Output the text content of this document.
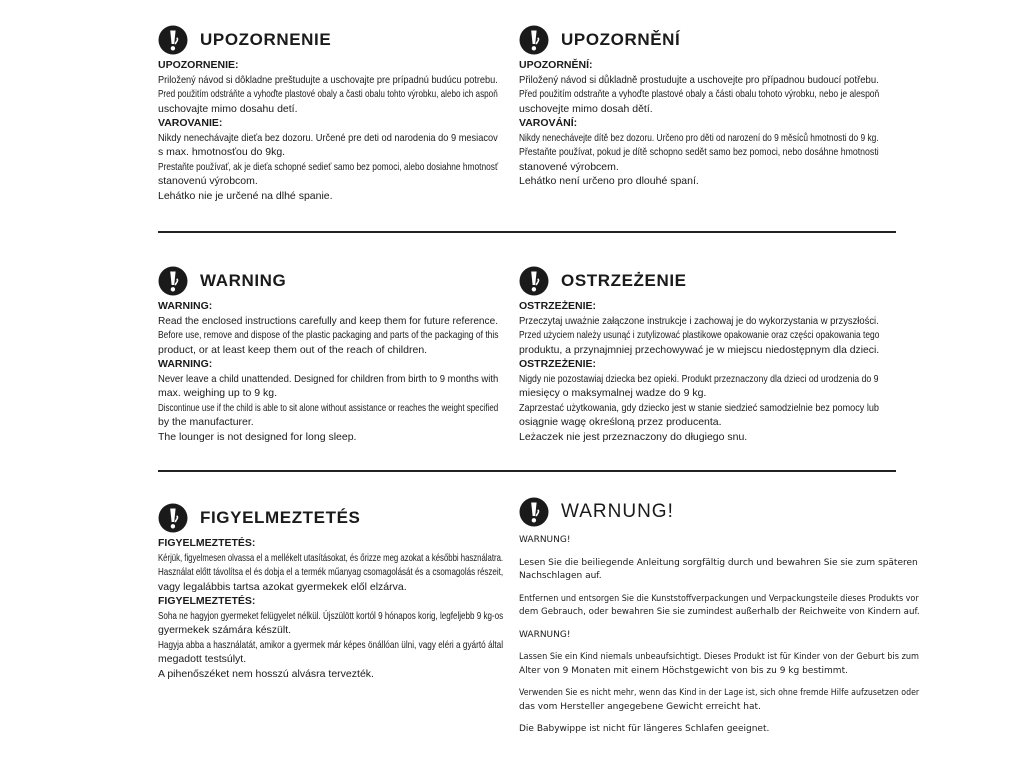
UPOZORNENIE
UPOZORNENIE:
Priložený návod si dôkladne preštudujte a uschovajte pre prípadnú budúcu potrebu.
Pred použitím odstráňte a vyhoďte plastové obaly a časti obalu tohto výrobku, alebo ich aspoň
uschovajte mimo dosahu detí.
VAROVANIE:
Nikdy nenechávajte dieťa bez dozoru. Určené pre deti od narodenia do 9 mesiacov
s max. hmotnosťou do 9kg.
Prestaňte používať, ak je dieťa schopné sedieť samo bez pomoci, alebo dosiahne hmotnosť
stanovenú výrobcom.
Lehátko nie je určené na dlhé spanie.
UPOZORNĚNÍ
UPOZORNĚNÍ:
Přiložený návod si důkladně prostudujte a uschovejte pro případnou budoucí potřebu.
Před použitím odstraňte a vyhoďte plastové obaly a části obalu tohoto výrobku, nebo je alespoň
uschovejte mimo dosah dětí.
VAROVÁNÍ:
Nikdy nenechávejte dítě bez dozoru. Určeno pro děti od narození do 9 měsíců hmotnosti do 9 kg.
Přestaňte používat, pokud je dítě schopno sedět samo bez pomoci, nebo dosáhne hmotnosti
stanovené výrobcem.
Lehátko není určeno pro dlouhé spaní.
WARNING
WARNING:
Read the enclosed instructions carefully and keep them for future reference.
Before use, remove and dispose of the plastic packaging and parts of the packaging of this
product, or at least keep them out of the reach of children.
WARNING:
Never leave a child unattended. Designed for children from birth to 9 months with
max. weighing up to 9 kg.
Discontinue use if the child is able to sit alone without assistance or reaches the weight specified
by the manufacturer.
The lounger is not designed for long sleep.
OSTRZEŻENIE
OSTRZEŻENIE:
Przeczytaj uważnie załączone instrukcje i zachowaj je do wykorzystania w przyszłości.
Przed użyciem należy usunąć i zutylizować plastikowe opakowanie oraz części opakowania tego
produktu, a przynajmniej przechowywać je w miejscu niedostępnym dla dzieci.
OSTRZEŻENIE:
Nigdy nie pozostawiaj dziecka bez opieki. Produkt przeznaczony dla dzieci od urodzenia do 9
miesięcy o maksymalnej wadze do 9 kg.
Zaprzestać użytkowania, gdy dziecko jest w stanie siedzieć samodzielnie bez pomocy lub
osiągnie wagę określoną przez producenta.
Leżaczek nie jest przeznaczony do długiego snu.
FIGYELMEZTETÉS
FIGYELMEZTETÉS:
Kérjük, figyelmesen olvassa el a mellékelt utasításokat, és őrizze meg azokat a későbbi használatra.
Használat előtt távolítsa el és dobja el a termék műanyag csomagolását és a csomagolás részeit,
vagy legalábbis tartsa azokat gyermekek elől elzárva.
FIGYELMEZTETÉS:
Soha ne hagyjon gyermeket felügyelet nélkül. Újszülött kortól 9 hónapos korig, legfeljebb 9 kg-os
gyermekek számára készült.
Hagyja abba a használatát, amikor a gyermek már képes önállóan ülni, vagy eléri a gyártó által
megadott testsúlyt.
A pihenőszéket nem hosszú alvásra tervezték.
WARNUNG!
WARNUNG!
Lesen Sie die beiliegende Anleitung sorgfältig durch und bewahren Sie sie zum späteren
Nachschlagen auf.
Entfernen und entsorgen Sie die Kunststoffverpackungen und Verpackungsteile dieses Produkts vor
dem Gebrauch, oder bewahren Sie sie zumindest außerhalb der Reichweite von Kindern auf.
WARNUNG!
Lassen Sie ein Kind niemals unbeaufsichtigt. Dieses Produkt ist für Kinder von der Geburt bis zum
Alter von 9 Monaten mit einem Höchstgewicht von bis zu 9 kg bestimmt.
Verwenden Sie es nicht mehr, wenn das Kind in der Lage ist, sich ohne fremde Hilfe aufzusetzen oder
das vom Hersteller angegebene Gewicht erreicht hat.
Die Babywippe ist nicht für längeres Schlafen geeignet.
